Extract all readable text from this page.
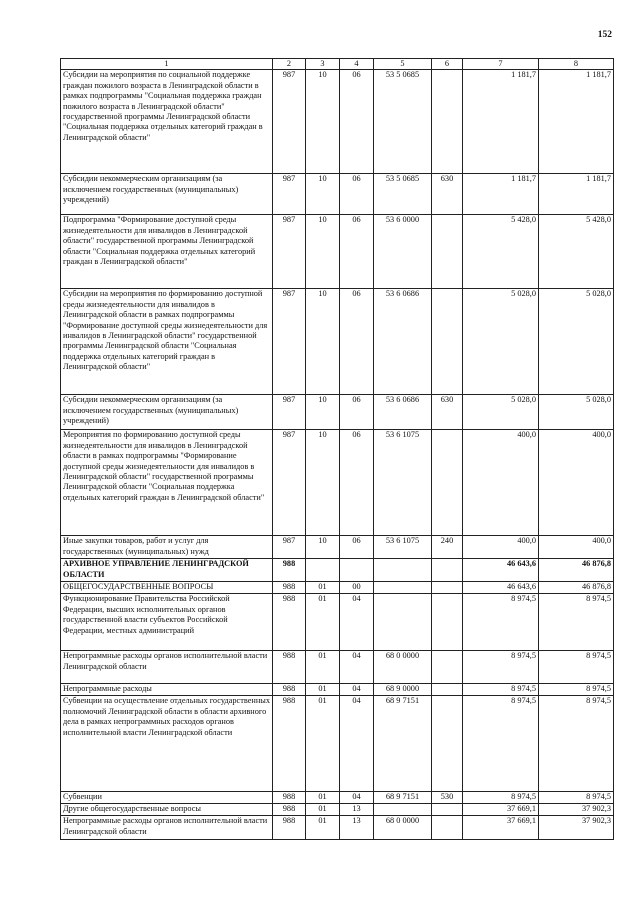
152
1	2	3	4	5	6	7	8
Субсидии на мероприятия по социальной поддержке граждан пожилого возраста в Ленинградской области в рамках подпрограммы "Социальная поддержка граждан пожилого возраста в Ленинградской области" государственной программы Ленинградской области "Социальная поддержка отдельных категорий граждан в Ленинградской области"	987	10	06	53 5 0685		1 181,7	1 181,7
Субсидии некоммерческим организациям (за исключением государственных (муниципальных) учреждений)	987	10	06	53 5 0685	630	1 181,7	1 181,7
Подпрограмма "Формирование доступной среды жизнедеятельности для инвалидов в Ленинградской области" государственной программы Ленинградской области "Социальная поддержка отдельных категорий граждан в Ленинградской области"	987	10	06	53 6 0000		5 428,0	5 428,0
Субсидии на мероприятия по формированию доступной среды жизнедеятельности для инвалидов в Ленинградской области в рамках подпрограммы "Формирование доступной среды жизнедеятельности для инвалидов в Ленинградской области" государственной программы Ленинградской области "Социальная поддержка отдельных категорий граждан в Ленинградской области"	987	10	06	53 6 0686		5 028,0	5 028,0
Субсидии некоммерческим организациям (за исключением государственных (муниципальных) учреждений)	987	10	06	53 6 0686	630	5 028,0	5 028,0
Мероприятия по формированию доступной среды жизнедеятельности для инвалидов в Ленинградской области в рамках подпрограммы "Формирование доступной среды жизнедеятельности для инвалидов в Ленинградской области" государственной программы Ленинградской области "Социальная поддержка отдельных категорий граждан в Ленинградской области"	987	10	06	53 6 1075		400,0	400,0
Иные закупки товаров, работ и услуг для государственных (муниципальных) нужд	987	10	06	53 6 1075	240	400,0	400,0
АРХИВНОЕ УПРАВЛЕНИЕ ЛЕНИНГРАДСКОЙ ОБЛАСТИ	988					46 643,6	46 876,8
ОБЩЕГОСУДАРСТВЕННЫЕ ВОПРОСЫ	988	01	00			46 643,6	46 876,8
Функционирование Правительства Российской Федерации, высших исполнительных органов государственной власти субъектов Российской Федерации, местных администраций	988	01	04			8 974,5	8 974,5
Непрограммные расходы органов исполнительной власти Ленинградской области	988	01	04	68 0 0000		8 974,5	8 974,5
Непрограммные расходы	988	01	04	68 9 0000		8 974,5	8 974,5
Субвенции на осуществление отдельных государственных полномочий Ленинградской области в области архивного дела в рамках непрограммных расходов органов исполнительной власти Ленинградской области	988	01	04	68 9 7151		8 974,5	8 974,5
Субвенции	988	01	04	68 9 7151	530	8 974,5	8 974,5
Другие общегосударственные вопросы	988	01	13			37 669,1	37 902,3
Непрограммные расходы органов исполнительной власти Ленинградской области	988	01	13	68 0 0000		37 669,1	37 902,3
